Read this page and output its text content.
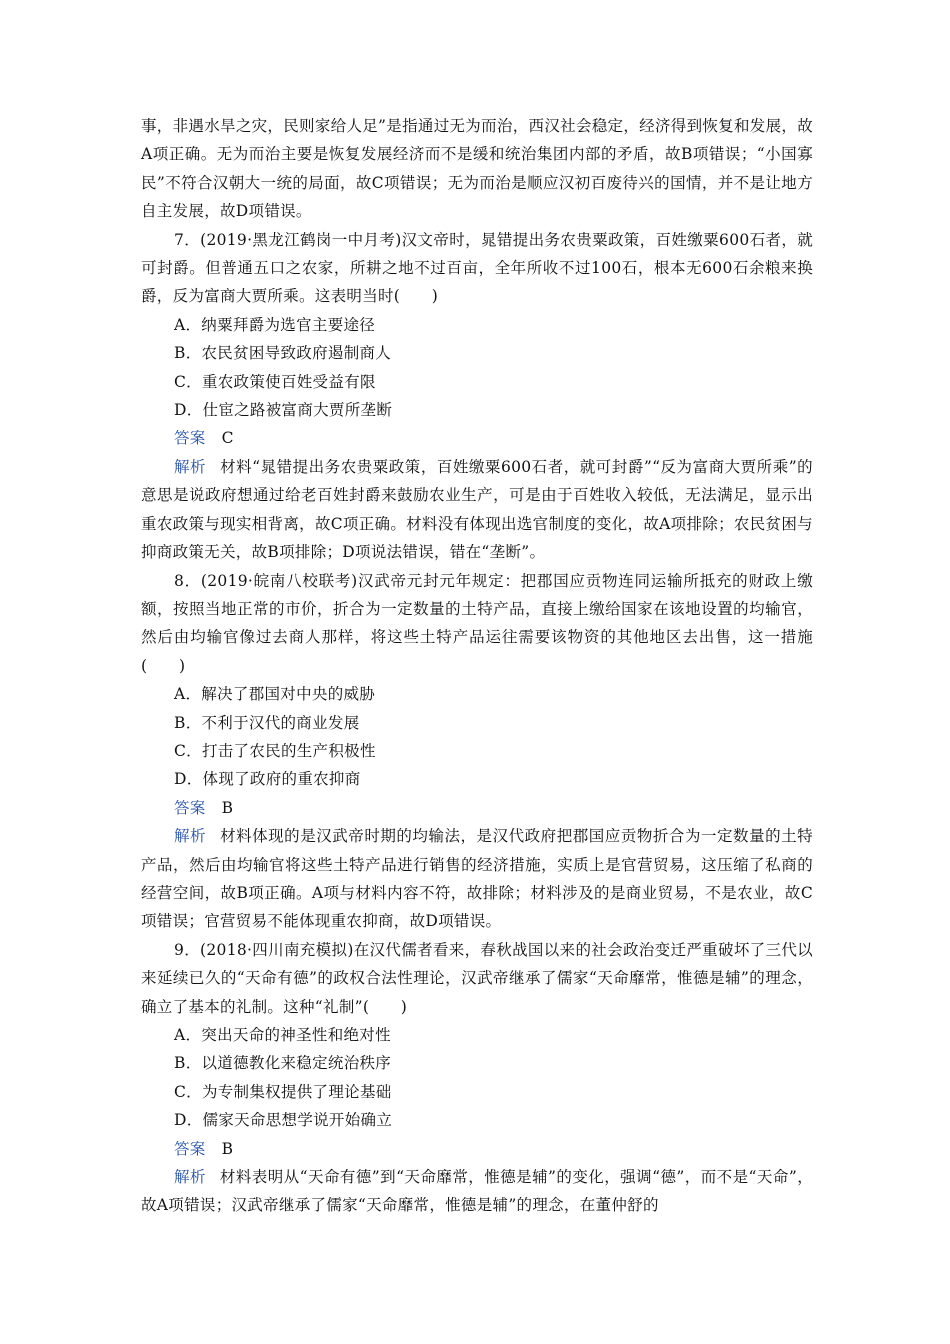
事，非遇水旱之灾，民则家给人足”是指通过无为而治，西汉社会稳定，经济得到恢复和发展，故A项正确。无为而治主要是恢复发展经济而不是缓和统治集团内部的矛盾，故B项错误；“小国寡民”不符合汉朝大一统的局面，故C项错误；无为而治是顺应汉初百废待兴的国情，并不是让地方自主发展，故D项错误。

7．(2019·黑龙江鹤岗一中月考)汉文帝时，晁错提出务农贵粟政策，百姓缴粟600石者，就可封爵。但普通五口之农家，所耕之地不过百亩，全年所收不过100石，根本无600石余粮来换爵，反为富商大贾所乘。这表明当时(　　)

A．纳粟拜爵为选官主要途径

B．农民贫困导致政府遏制商人

C．重农政策使百姓受益有限

D．仕宦之路被富商大贾所垄断

答案 C

解析 材料“晁错提出务农贵粟政策，百姓缴粟600石者，就可封爵”“反为富商大贾所乘”的意思是说政府想通过给老百姓封爵来鼓励农业生产，可是由于百姓收入较低，无法满足，显示出重农政策与现实相背离，故C项正确。材料没有体现出选官制度的变化，故A项排除；农民贫困与抑商政策无关，故B项排除；D项说法错误，错在“垄断”。

8．(2019·皖南八校联考)汉武帝元封元年规定：把郡国应贡物连同运输所抵充的财政上缴额，按照当地正常的市价，折合为一定数量的土特产品，直接上缴给国家在该地设置的均输官，然后由均输官像过去商人那样，将这些土特产品运往需要该物资的其他地区去出售，这一措施(　　)

A．解决了郡国对中央的威胁

B．不利于汉代的商业发展

C．打击了农民的生产积极性

D．体现了政府的重农抑商

答案 B

解析 材料体现的是汉武帝时期的均输法，是汉代政府把郡国应贡物折合为一定数量的土特产品，然后由均输官将这些土特产品进行销售的经济措施，实质上是官营贸易，这压缩了私商的经营空间，故B项正确。A项与材料内容不符，故排除；材料涉及的是商业贸易，不是农业，故C项错误；官营贸易不能体现重农抑商，故D项错误。

9．(2018·四川南充模拟)在汉代儒者看来，春秋战国以来的社会政治变迁严重破坏了三代以来延续已久的“天命有德”的政权合法性理论，汉武帝继承了儒家“天命靡常，惟德是辅”的理念，确立了基本的礼制。这种“礼制”(　　)

A．突出天命的神圣性和绝对性

B．以道德教化来稳定统治秩序

C．为专制集权提供了理论基础

D．儒家天命思想学说开始确立

答案 B

解析 材料表明从“天命有德”到“天命靡常，惟德是辅”的变化，强调“德”，而不是“天命”，故A项错误；汉武帝继承了儒家“天命靡常，惟德是辅”的理念，在董仲舒的
